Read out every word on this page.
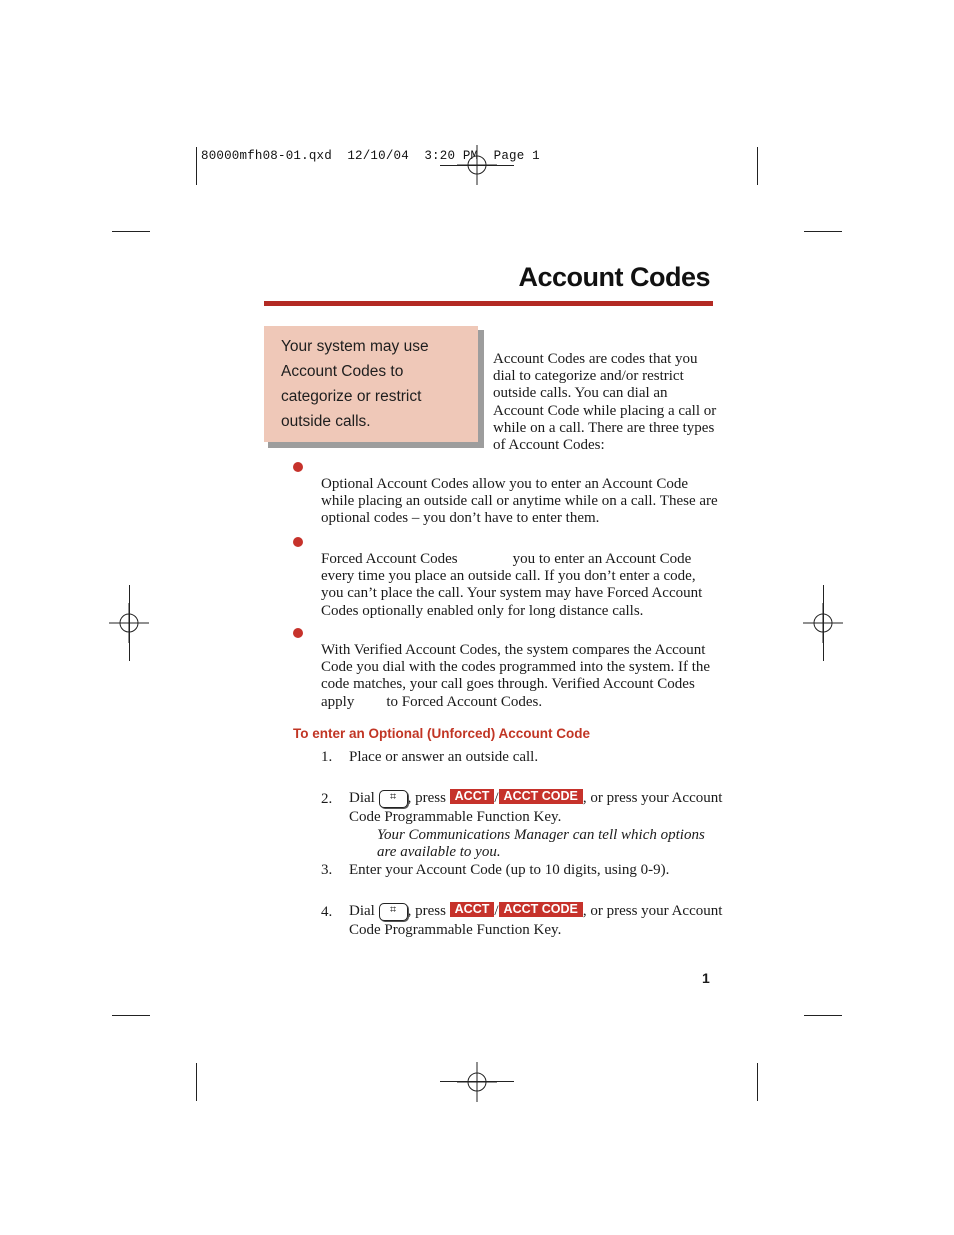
80000mfh08-01.qxd  12/10/04  3:20 PM  Page 1
Account Codes
Your system may use Account Codes to categorize or restrict outside calls.
Account Codes are codes that you dial to categorize and/or restrict outside calls. You can dial an Account Code while placing a call or while on a call. There are three types of Account Codes:
Optional Account Codes allow you to enter an Account Code while placing an outside call or anytime while on a call. These are optional codes – you don’t have to enter them.
Forced Account Codes	you to enter an Account Code every time you place an outside call. If you don’t enter a code, you can’t place the call. Your system may have Forced Account Codes optionally enabled only for long distance calls.
With Verified Account Codes, the system compares the Account Code you dial with the codes programmed into the system. If the code matches, your call goes through. Verified Account Codes apply to Forced Account Codes.
To enter an Optional (Unforced) Account Code
1. Place or answer an outside call.
2. Dial ⌗ , press ACCT / ACCT CODE , or press your Account Code Programmable Function Key.
Your Communications Manager can tell which options are available to you.
3. Enter your Account Code (up to 10 digits, using 0-9).
4. Dial ⌗ , press ACCT / ACCT CODE , or press your Account Code Programmable Function Key.
1
